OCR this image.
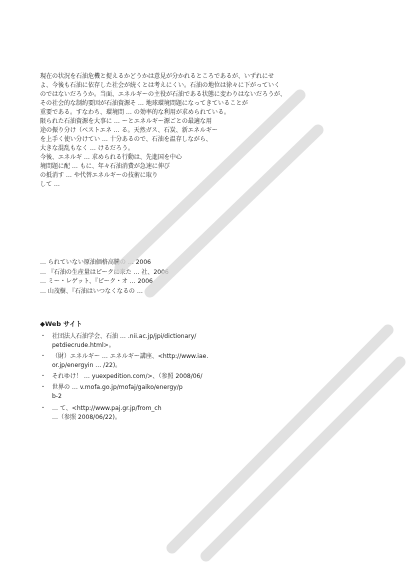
現在の状況を石油危機と捉えるかどうかは意見が分かれるところであるが、いずれにせ

よ、今後も石油に依存した社会が続くとは考えにくい。石油の地位は徐々に下がっていく

のではないだろうか。当面、エネルギーの主役が石油である状態に変わりはないだろうが、

その社会的な制約要因が石油資源そ … 地球環境問題になってきていることが

重要である。すなわち、環境問 … の効率的な利用が求められている。

限られた石油資源を大事に … ーとエネルギー源ごとの最適な用

途の振り分け（ベストエネ … る。天然ガス、石炭、新エネルギー

を上手く使い分けてい … 十分あるので、石油を温存しながら、

大きな混乱もなく … けるだろう。

今後、エネルギ … 求められる行動は、先進国を中心

境問題に配 … もに、年々石油消費が急速に伸び

の抵消す … や代替エネルギーの技術に取り

して …

… られていない原油価格高騰の … 2006

… 『石油の生産量はピークに来た … 社、2006

… ミー・レゲット、『ピーク・オ … 2006

… 山茂樹、『石油はいつなくなるの …

◆Web サイト

・ 社団法人石油学会、石油 … .nii.ac.jp/jpi/dictionary/

petdiecrude.html>。

・ （財）エネルギー … エネルギー講座、<http://www.iae.

or.jp/energyin … /22)。

・ それゆけ！ … yuexpedition.com/>、（参照 2008/06/

・ 世界の … v.mofa.go.jp/mofaj/gaiko/energy/p

b-2

・ … て、<http://www.paj.gr.jp/from_ch

…（参照 2008/06/22)。
